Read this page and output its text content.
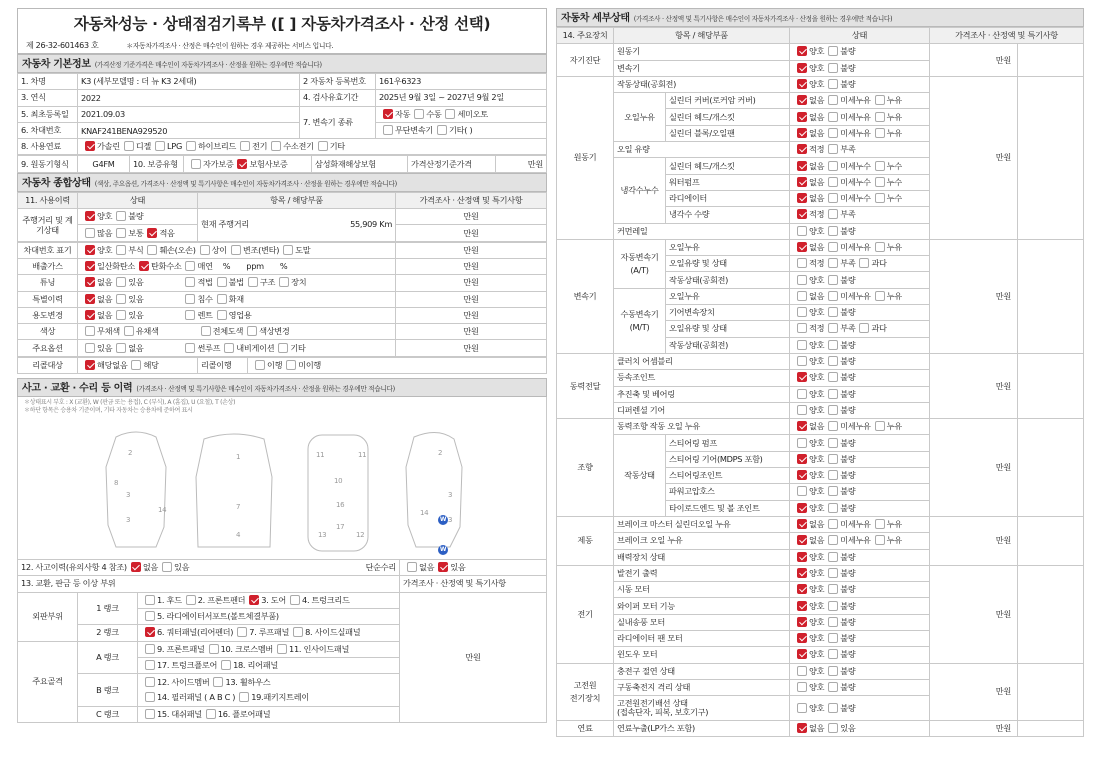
자동차성능 · 상태점검기록부 ([ ] 자동차가격조사 · 산정 선택)
제 26-32-601463 호	＊자동차가격조사 · 산정은 매수인이 원하는 경우 제공하는 서비스 입니다.
자동차 기본정보 (가격산정 기준가격은 매수인이 자동차가격조사 · 산정을 원하는 경우에만 적습니다)
1. 차명	K3 (세부모델명 : 더 뉴 K3 2세대)	2 자동차 등록번호	161우6323
3. 연식	2022	4. 검사유효기간	2025년 9월 3일 ~ 2027년 9월 2일
5. 최초등록일	2021.09.03	7. 변속기 종류	자동 수동 세미오토
6. 차대번호	KNAF241BENA929520		무단변속기 기타( )
8. 사용연료	가솔린 디젤 LPG 하이브리드 전기 수소전기 기타		
9. 원동기형식	G4FM	10. 보증유형	자가보증 보험사보증	삼성화재해상보험	가격산정기준가격	만원
자동차 종합상태 (색상, 주요옵션, 가격조사 · 산정액 및 특기사항은 매수인이 자동차가격조사 · 산정을 원하는 경우에만 적습니다)
11. 사용이력	상태	항목 / 해당부품	가격조사 · 산정액 및 특기사항
주행거리 및 계기상태	양호 불량	현재 주행거리 55,909 Km	만원
	많음 보통 적음		만원
차대번호 표기	양호 부식 훼손(오손) 상이 변조(변타) 도말	만원
배출가스	일산화탄소 탄화수소 매연 %       ppm       %	만원
튜닝	없음 있음 적법 불법 구조 장치	만원
특별이력	없음 있음 침수 화재	만원
용도변경	없음 있음 렌트 영업용	만원
색상	무채색 유채색 전체도색 색상변경	만원
주요옵션	있음 없음 썬루프 내비게이션 기타	만원
리콜대상	해당없음 해당	리콜이행	이행 미이행
사고 · 교환 · 수리 등 이력 (가격조사 · 산정액 및 특기사항은 매수인이 자동차가격조사 · 산정을 원하는 경우에만 적습니다)
＊상태표시 부호 : X (교환), W (판금 또는 용접), C (부식), A (흠집), U (요철), T (손상)
＊하단 항목은 승용차 기준이며, 기타 자동차는 승용차에 준하여 표시
2
8
3
3
14
1
7
4
11	11
10
16
13
17
12
2
3
14
3
W
W
12. 사고이력(유의사항 4 참조) 없음 있음 단순수리			없음 있음
13. 교환, 판금 등 이상 부위			가격조사 · 산정액 및 특기사항
외판부위	1 랭크	1. 후드 2. 프론트펜더 3. 도어 4. 트렁크리드	만원
		5. 라디에이터서포트(볼트체결부품)	
	2 랭크	6. 쿼터패널(리어펜더) 7. 루프패널 8. 사이드실패널	
주요골격	A 랭크	9. 프론트패널 10. 크로스멤버 11. 인사이드패널	
		17. 트렁크플로어 18. 리어패널	
	B 랭크	12. 사이드멤버 13. 휠하우스
14. 필러패널 ( A B C ) 19.패키지트레이	
	C 랭크	15. 대쉬패널 16. 플로어패널	
자동차 세부상태 (가격조사 · 산정액 및 특기사항은 매수인이 자동차가격조사 · 산정을 원하는 경우에만 적습니다)
14. 주요장치	항목 / 해당부품		상태	가격조사 · 산정액 및 특기사항	
자기진단	원동기		양호 불량	만원	
	변속기		양호 불량		
원동기	작동상태(공회전)		양호 불량	만원	
	오일누유	실린더 커버(로커암 커버)	없음 미세누유 누유		
		실린더 헤드/개스킷	없음 미세누유 누유		
		실린더 블록/오일팬	없음 미세누유 누유		
	오일 유량		적정 부족		
	냉각수누수	실린더 헤드/개스킷	없음 미세누수 누수		
		워터펌프	없음 미세누수 누수		
		라디에이터	없음 미세누수 누수		
		냉각수 수량	적정 부족		
	커먼레일		양호 불량		
변속기	자동변속기
(A/T)	오일누유	없음 미세누유 누유	만원	
		오일유량 및 상태	적정 부족 과다		
		작동상태(공회전)	양호 불량		
	수동변속기
(M/T)	오일누유	없음 미세누유 누유		
		기어변속장치	양호 불량		
		오일유량 및 상태	적정 부족 과다		
		작동상태(공회전)	양호 불량		
동력전달	클러치 어셈블리		양호 불량	만원	
	등속조인트		양호 불량		
	추진축 및 베어링		양호 불량		
	디퍼렌셜 기어		양호 불량		
조향	동력조향 작동 오일 누유		없음 미세누유 누유	만원	
	작동상태	스티어링 펌프	양호 불량		
		스티어링 기어(MDPS 포함)	양호 불량		
		스티어링조인트	양호 불량		
		파워고압호스	양호 불량		
		타이로드엔드 및 볼 조인트	양호 불량		
제동	브레이크 마스터 실린더오일 누유		없음 미세누유 누유	만원	
	브레이크 오일 누유		없음 미세누유 누유		
	배력장치 상태		양호 불량		
전기	발전기 출력		양호 불량	만원	
	시동 모터		양호 불량		
	와이퍼 모터 기능		양호 불량		
	실내송풍 모터		양호 불량		
	라디에이터 팬 모터		양호 불량		
	윈도우 모터		양호 불량		
고전원
전기장치	충전구 절연 상태		양호 불량	만원	
	구동축전지 격리 상태		양호 불량		
	고전원전기배선 상태
(접속단자, 피복, 보호기구)		양호 불량		
연료	연료누출(LP가스 포함)		없음 있음	만원	
